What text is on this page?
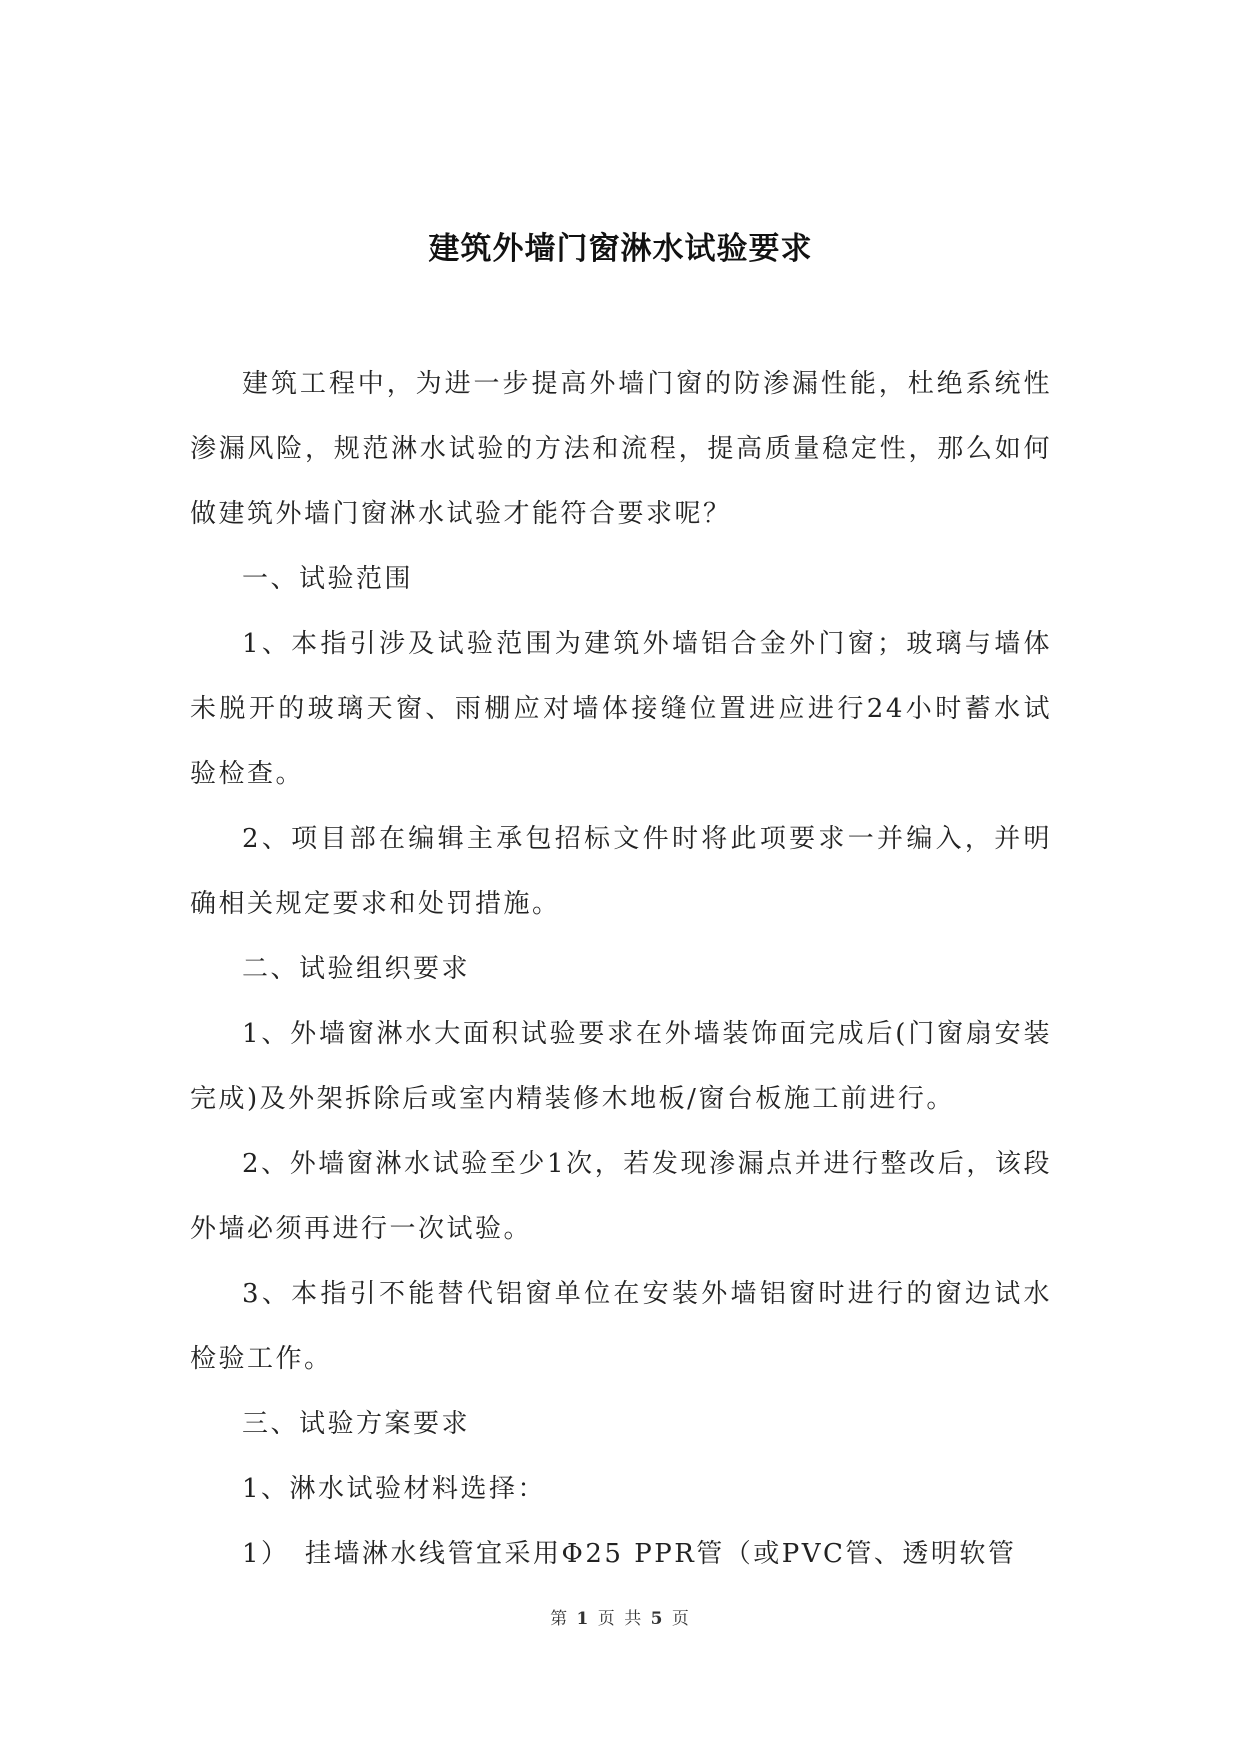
建筑外墙门窗淋水试验要求

建筑工程中，为进一步提高外墙门窗的防渗漏性能，杜绝系统性渗漏风险，规范淋水试验的方法和流程，提高质量稳定性，那么如何做建筑外墙门窗淋水试验才能符合要求呢？

一、试验范围

1、本指引涉及试验范围为建筑外墙铝合金外门窗；玻璃与墙体未脱开的玻璃天窗、雨棚应对墙体接缝位置进应进行24小时蓄水试验检查。

2、项目部在编辑主承包招标文件时将此项要求一并编入，并明确相关规定要求和处罚措施。

二、试验组织要求

1、外墙窗淋水大面积试验要求在外墙装饰面完成后(门窗扇安装完成)及外架拆除后或室内精装修木地板/窗台板施工前进行。

2、外墙窗淋水试验至少1次，若发现渗漏点并进行整改后，该段外墙必须再进行一次试验。

3、本指引不能替代铝窗单位在安装外墙铝窗时进行的窗边试水检验工作。

三、试验方案要求

1、淋水试验材料选择：

1）　挂墙淋水线管宜采用Φ25 PPR管（或PVC管、透明软管

第 1 页 共 5 页
